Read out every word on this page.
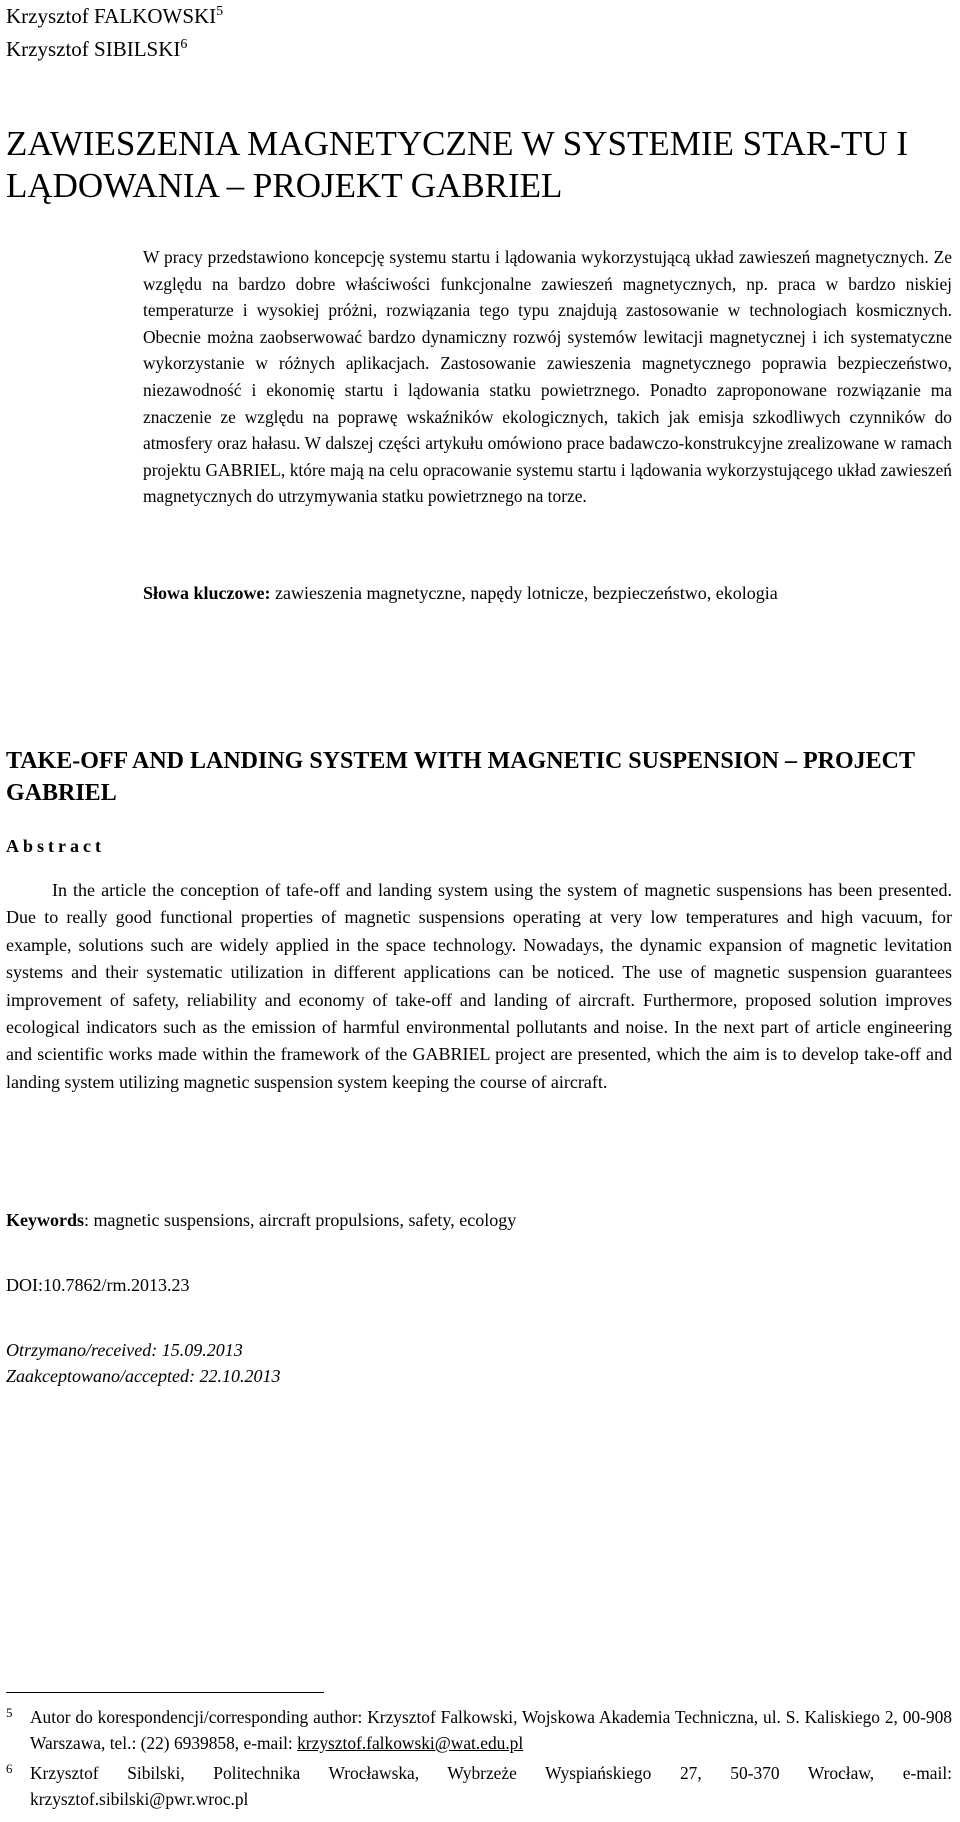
Krzysztof FALKOWSKI$^5$
Krzysztof SIBILSKI$^6$
ZAWIESZENIA MAGNETYCZNE W SYSTEMIE STAR-TU I LĄDOWANIA – PROJEKT GABRIEL

W pracy przedstawiono koncepcję systemu startu i lądowania wykorzystującą układ zawieszeń magnetycznych. Ze względu na bardzo dobre właściwości funkcjonalne zawieszeń magnetycznych, np. praca w bardzo niskiej temperaturze i wysokiej próżni, rozwiązania tego typu znajdują zastosowanie w technologiach kosmicznych. Obecnie można zaobserwować bardzo dynamiczny rozwój systemów lewitacji magnetycznej i ich systematyczne wykorzystanie w różnych aplikacjach. Zastosowanie zawieszenia magnetycznego poprawia bezpieczeństwo, niezawodność i ekonomię startu i lądowania statku powietrznego. Ponadto zaproponowane rozwiązanie ma znaczenie ze względu na poprawę wskaźników ekologicznych, takich jak emisja szkodliwych czynników do atmosfery oraz hałasu. W dalszej części artykułu omówiono prace badawczo-konstrukcyjne zrealizowane w ramach projektu GABRIEL, które mają na celu opracowanie systemu startu i lądowania wykorzystującego układ zawieszeń magnetycznych do utrzymywania statku powietrznego na torze.

Słowa kluczowe: zawieszenia magnetyczne, napędy lotnicze, bezpieczeństwo, ekologia

TAKE-OFF AND LANDING SYSTEM WITH MAGNETIC SUSPENSION – PROJECT GABRIEL
Abstract

In the article the conception of tafe-off and landing system using the system of magnetic suspensions has been presented. Due to really good functional properties of magnetic suspensions operating at very low temperatures and high vacuum, for example, solutions such are widely applied in the space technology. Nowadays, the dynamic expansion of magnetic levitation systems and their systematic utilization in different applications can be noticed. The use of magnetic suspension guarantees improvement of safety, reliability and economy of take-off and landing of aircraft. Furthermore, proposed solution improves ecological indicators such as the emission of harmful environmental pollutants and noise. In the next part of article engineering and scientific works made within the framework of the GABRIEL project are presented, which the aim is to develop take-off and landing system utilizing magnetic suspension system keeping the course of aircraft.

Keywords: magnetic suspensions, aircraft propulsions, safety, ecology

DOI:10.7862/rm.2013.23

Otrzymano/received: 15.09.2013
Zaakceptowano/accepted: 22.10.2013

5 Autor do korespondencji/corresponding author: Krzysztof Falkowski, Wojskowa Akademia Techniczna, ul. S. Kaliskiego 2, 00-908 Warszawa, tel.: (22) 6939858, e-mail: krzysztof.falkowski@wat.edu.pl

6 Krzysztof Sibilski, Politechnika Wrocławska, Wybrzeże Wyspiańskiego 27, 50-370 Wrocław, e-mail: krzysztof.sibilski@pwr.wroc.pl
